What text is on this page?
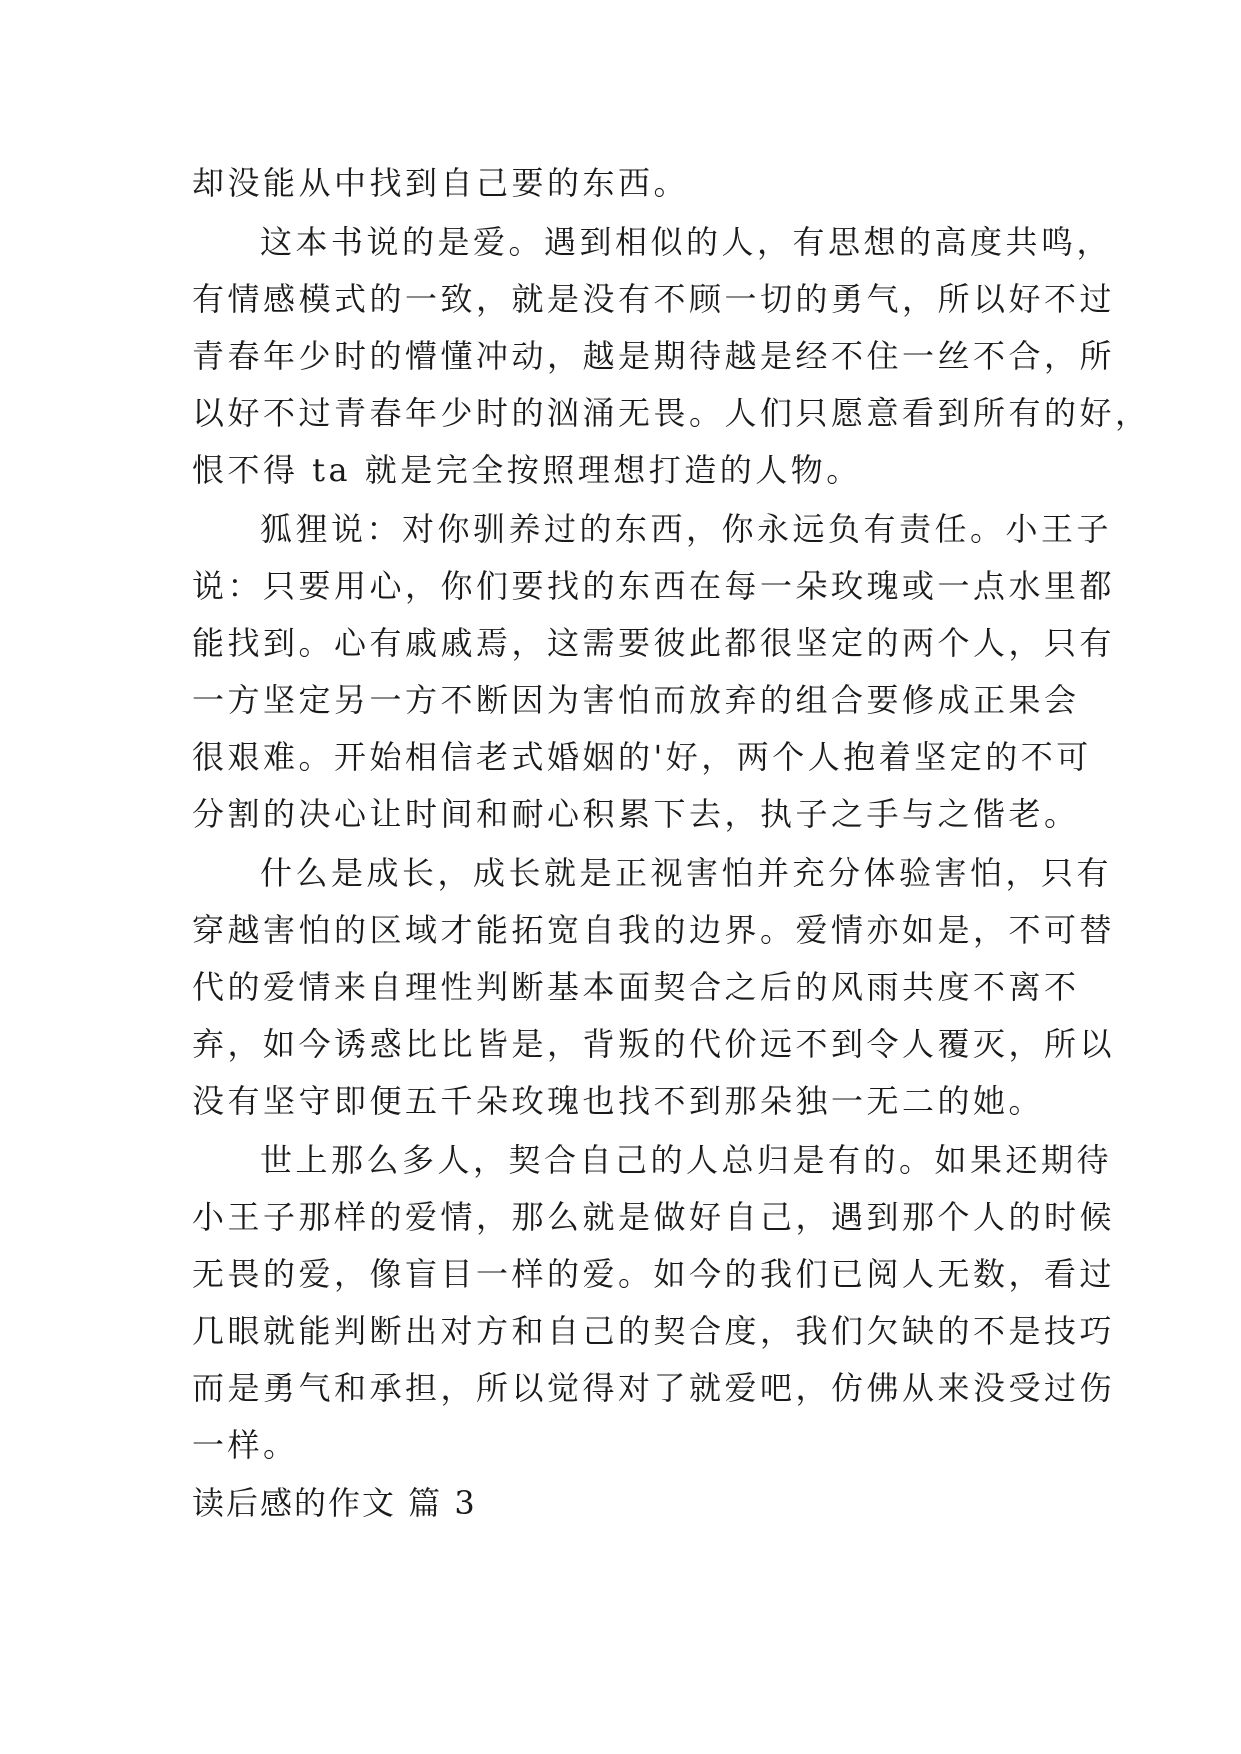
却没能从中找到自己要的东西。
这本书说的是爱。遇到相似的人，有思想的高度共鸣，
有情感模式的一致，就是没有不顾一切的勇气，所以好不过
青春年少时的懵懂冲动，越是期待越是经不住一丝不合，所
以好不过青春年少时的汹涌无畏。人们只愿意看到所有的好，
恨不得 ta 就是完全按照理想打造的人物。
狐狸说：对你驯养过的东西，你永远负有责任。小王子
说：只要用心，你们要找的东西在每一朵玫瑰或一点水里都
能找到。心有戚戚焉，这需要彼此都很坚定的两个人，只有
一方坚定另一方不断因为害怕而放弃的组合要修成正果会
很艰难。开始相信老式婚姻的'好，两个人抱着坚定的不可
分割的决心让时间和耐心积累下去，执子之手与之偕老。
什么是成长，成长就是正视害怕并充分体验害怕，只有
穿越害怕的区域才能拓宽自我的边界。爱情亦如是，不可替
代的爱情来自理性判断基本面契合之后的风雨共度不离不
弃，如今诱惑比比皆是，背叛的代价远不到令人覆灭，所以
没有坚守即便五千朵玫瑰也找不到那朵独一无二的她。
世上那么多人，契合自己的人总归是有的。如果还期待
小王子那样的爱情，那么就是做好自己，遇到那个人的时候
无畏的爱，像盲目一样的爱。如今的我们已阅人无数，看过
几眼就能判断出对方和自己的契合度，我们欠缺的不是技巧
而是勇气和承担，所以觉得对了就爱吧，仿佛从来没受过伤
一样。
读后感的作文 篇 3
